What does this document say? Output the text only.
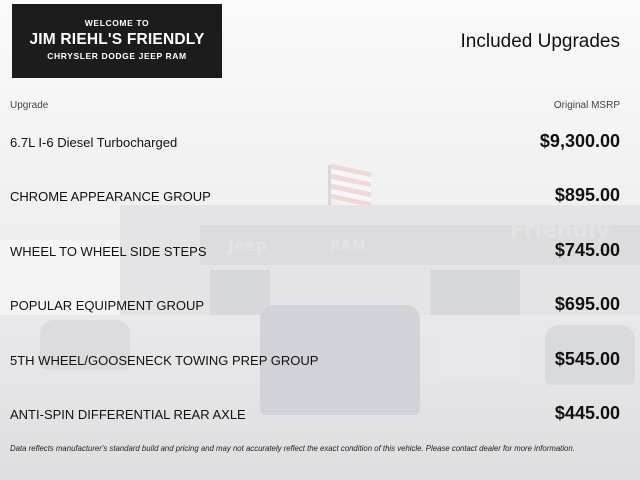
Jeep	RAM
Friendly
WELCOME TO
JIM RIEHL'S FRIENDLY
CHRYSLER DODGE JEEP RAM
Included Upgrades
Upgrade	Original MSRP
6.7L I-6 Diesel Turbocharged	$9,300.00
CHROME APPEARANCE GROUP	$895.00
WHEEL TO WHEEL SIDE STEPS	$745.00
POPULAR EQUIPMENT GROUP	$695.00
5TH WHEEL/GOOSENECK TOWING PREP GROUP	$545.00
ANTI-SPIN DIFFERENTIAL REAR AXLE	$445.00
Data reflects manufacturer's standard build and pricing and may not accurately reflect the exact condition of this vehicle. Please contact dealer for more information.
